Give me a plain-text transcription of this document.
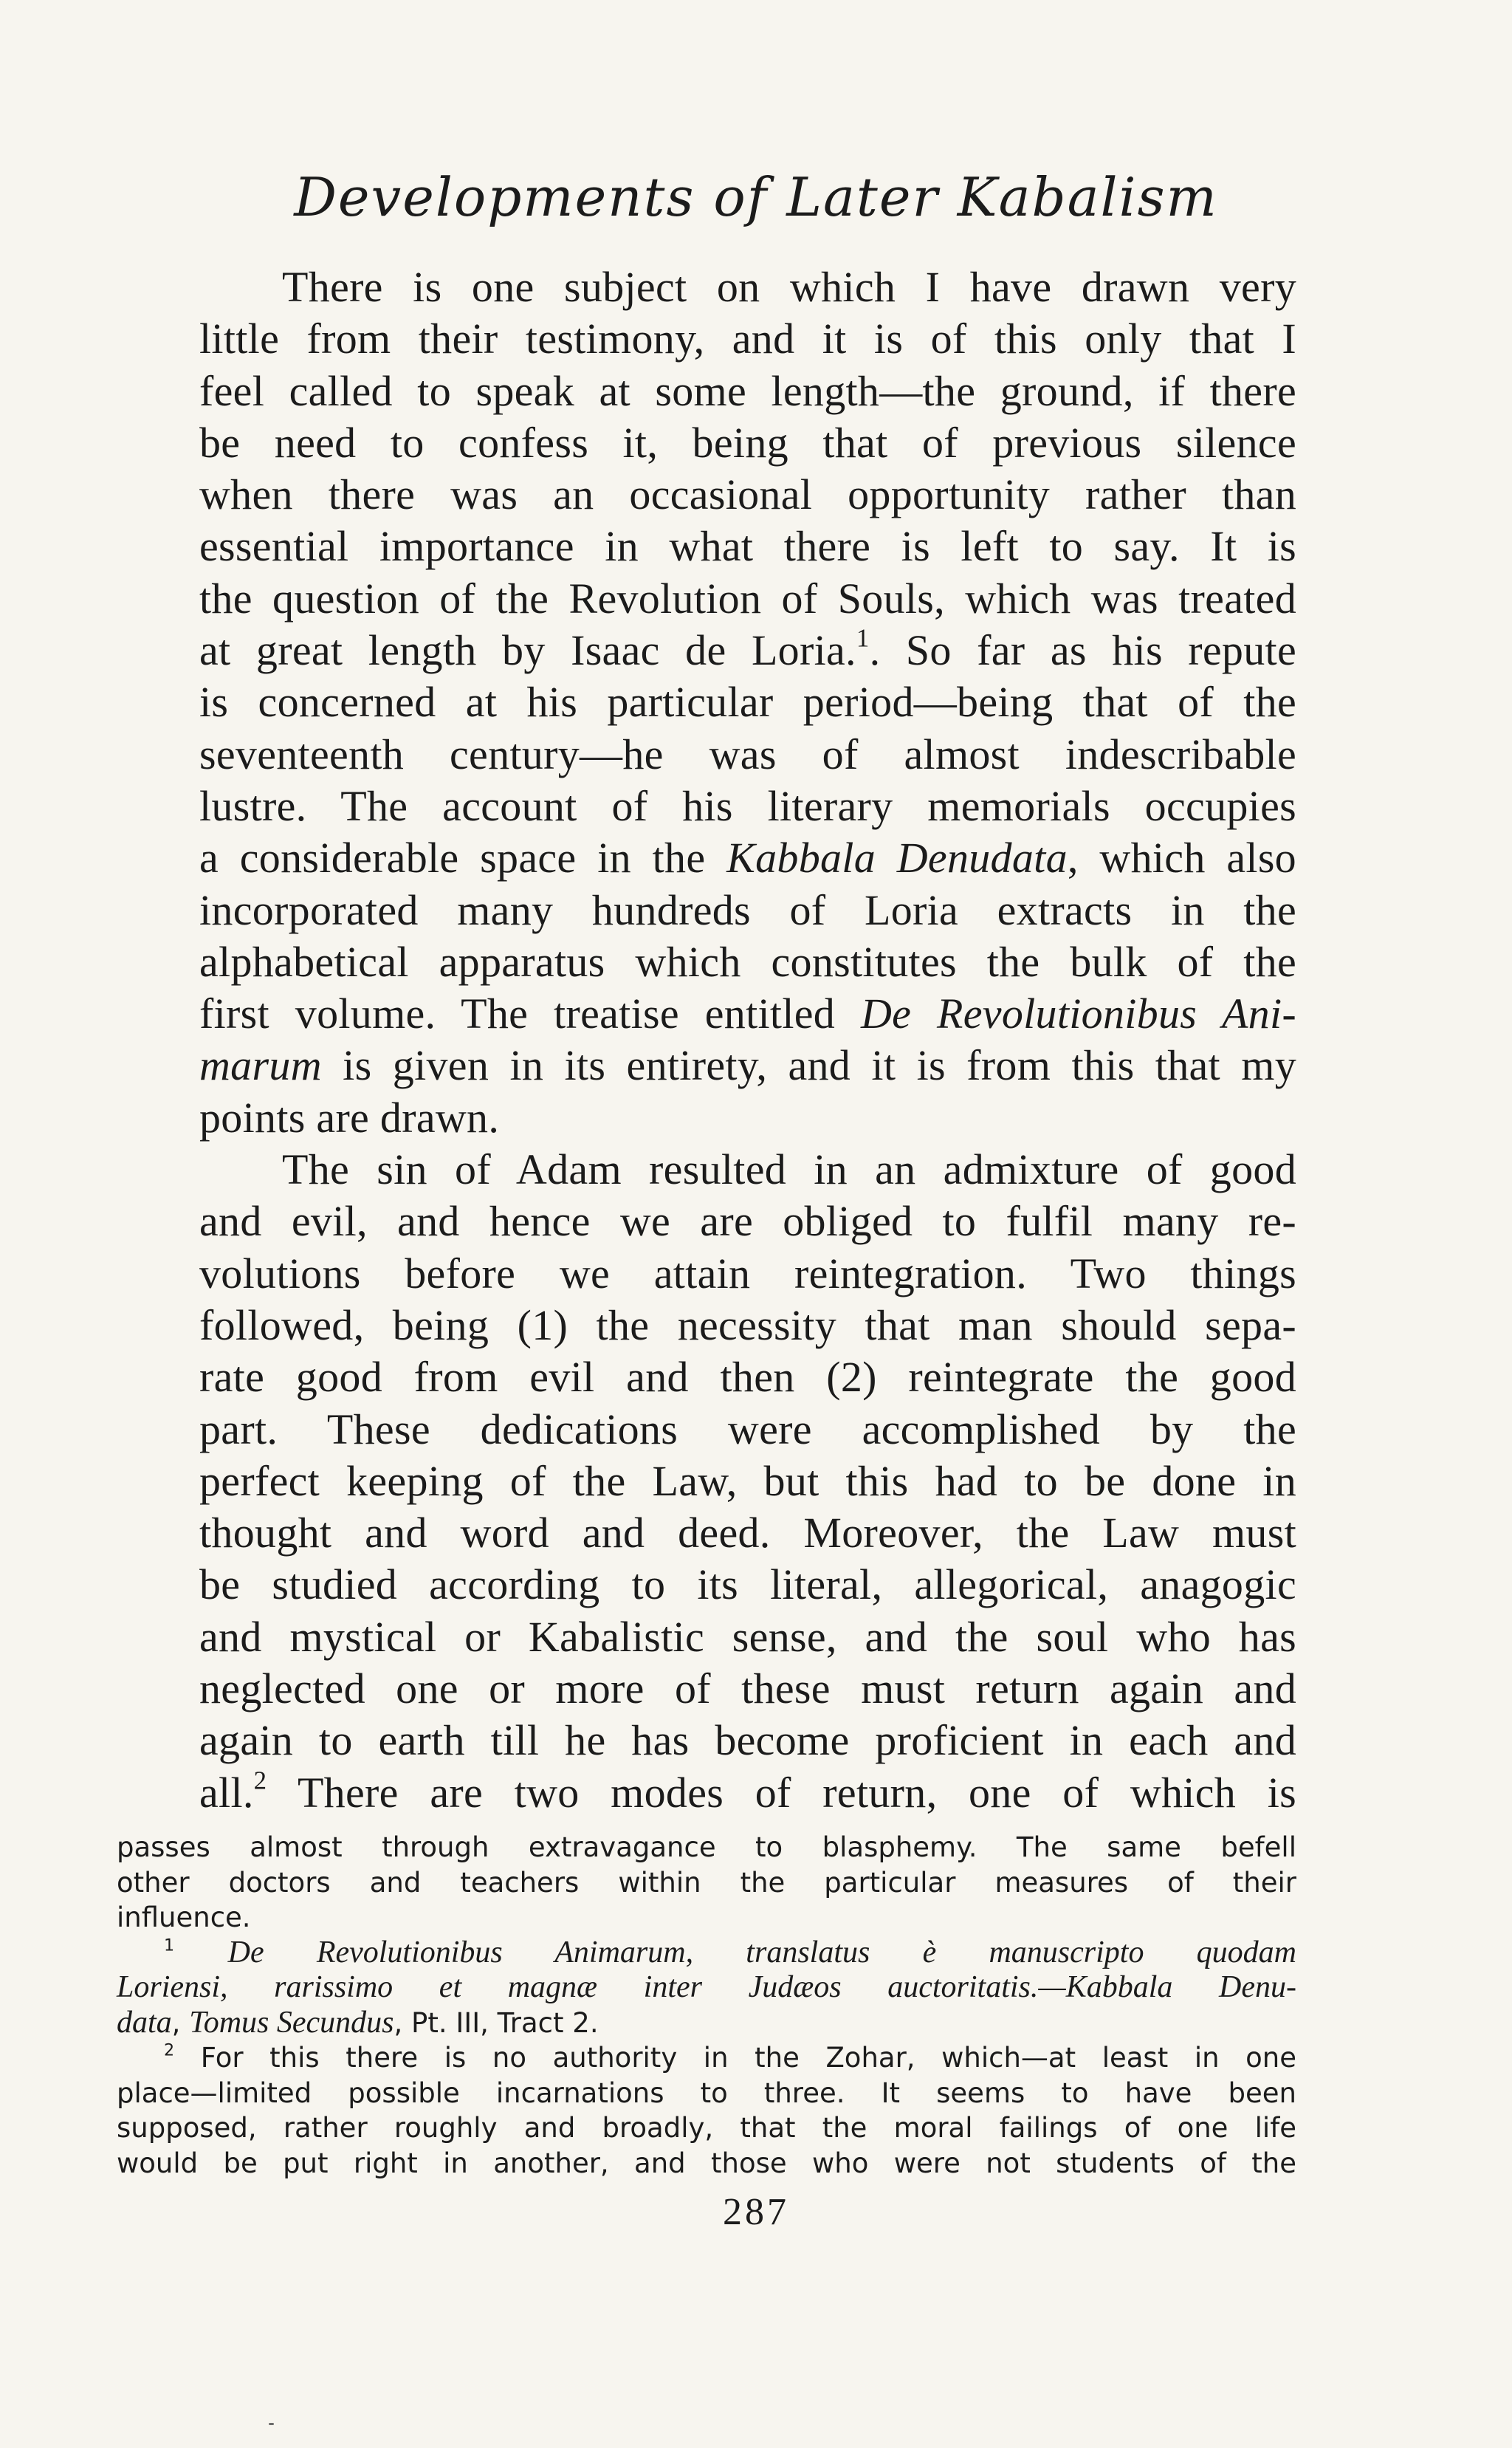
Developments of Later Kabalism

There is one subject on which I have drawn very
little from their testimony, and it is of this only that I
feel called to speak at some length—the ground, if there
be need to confess it, being that of previous silence
when there was an occasional opportunity rather than
essential importance in what there is left to say. It is
the question of the Revolution of Souls, which was treated
at great length by Isaac de Loria.$^1$. So far as his repute
is concerned at his particular period—being that of the
seventeenth century—he was of almost indescribable
lustre. The account of his literary memorials occupies
a considerable space in the Kabbala Denudata, which also
incorporated many hundreds of Loria extracts in the
alphabetical apparatus which constitutes the bulk of the
first volume. The treatise entitled De Revolutionibus Ani-
marum is given in its entirety, and it is from this that my
points are drawn.

The sin of Adam resulted in an admixture of good
and evil, and hence we are obliged to fulfil many re-
volutions before we attain reintegration. Two things
followed, being (1) the necessity that man should sepa-
rate good from evil and then (2) reintegrate the good
part. These dedications were accomplished by the
perfect keeping of the Law, but this had to be done in
thought and word and deed. Moreover, the Law must
be studied according to its literal, allegorical, anagogic
and mystical or Kabalistic sense, and the soul who has
neglected one or more of these must return again and
again to earth till he has become proficient in each and
all.$^2$ There are two modes of return, one of which is

passes almost through extravagance to blasphemy. The same befell
other doctors and teachers within the particular measures of their
influence.
$^1$ De Revolutionibus Animarum, translatus è manuscripto quodam
Loriensi, rarissimo et magnæ inter Judæos auctoritatis.—Kabbala Denu-
data, Tomus Secundus, Pt. III, Tract 2.
$^2$ For this there is no authority in the Zohar, which—at least in one
place—limited possible incarnations to three. It seems to have been
supposed, rather roughly and broadly, that the moral failings of one life
would be put right in another, and those who were not students of the
287
